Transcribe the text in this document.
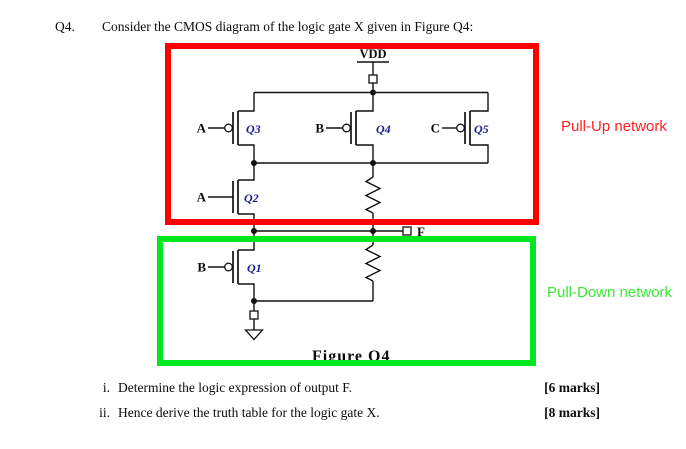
Q4. Consider the CMOS diagram of the logic gate X given in Figure Q4:
VDD
A	Q3	B	Q4	C	Q5
A	Q2
B	Q1
F
Figure Q4
Pull-Up network
Pull-Down network
i. Determine the logic expression of output F.	[6 marks]
ii. Hence derive the truth table for the logic gate X.	[8 marks]
